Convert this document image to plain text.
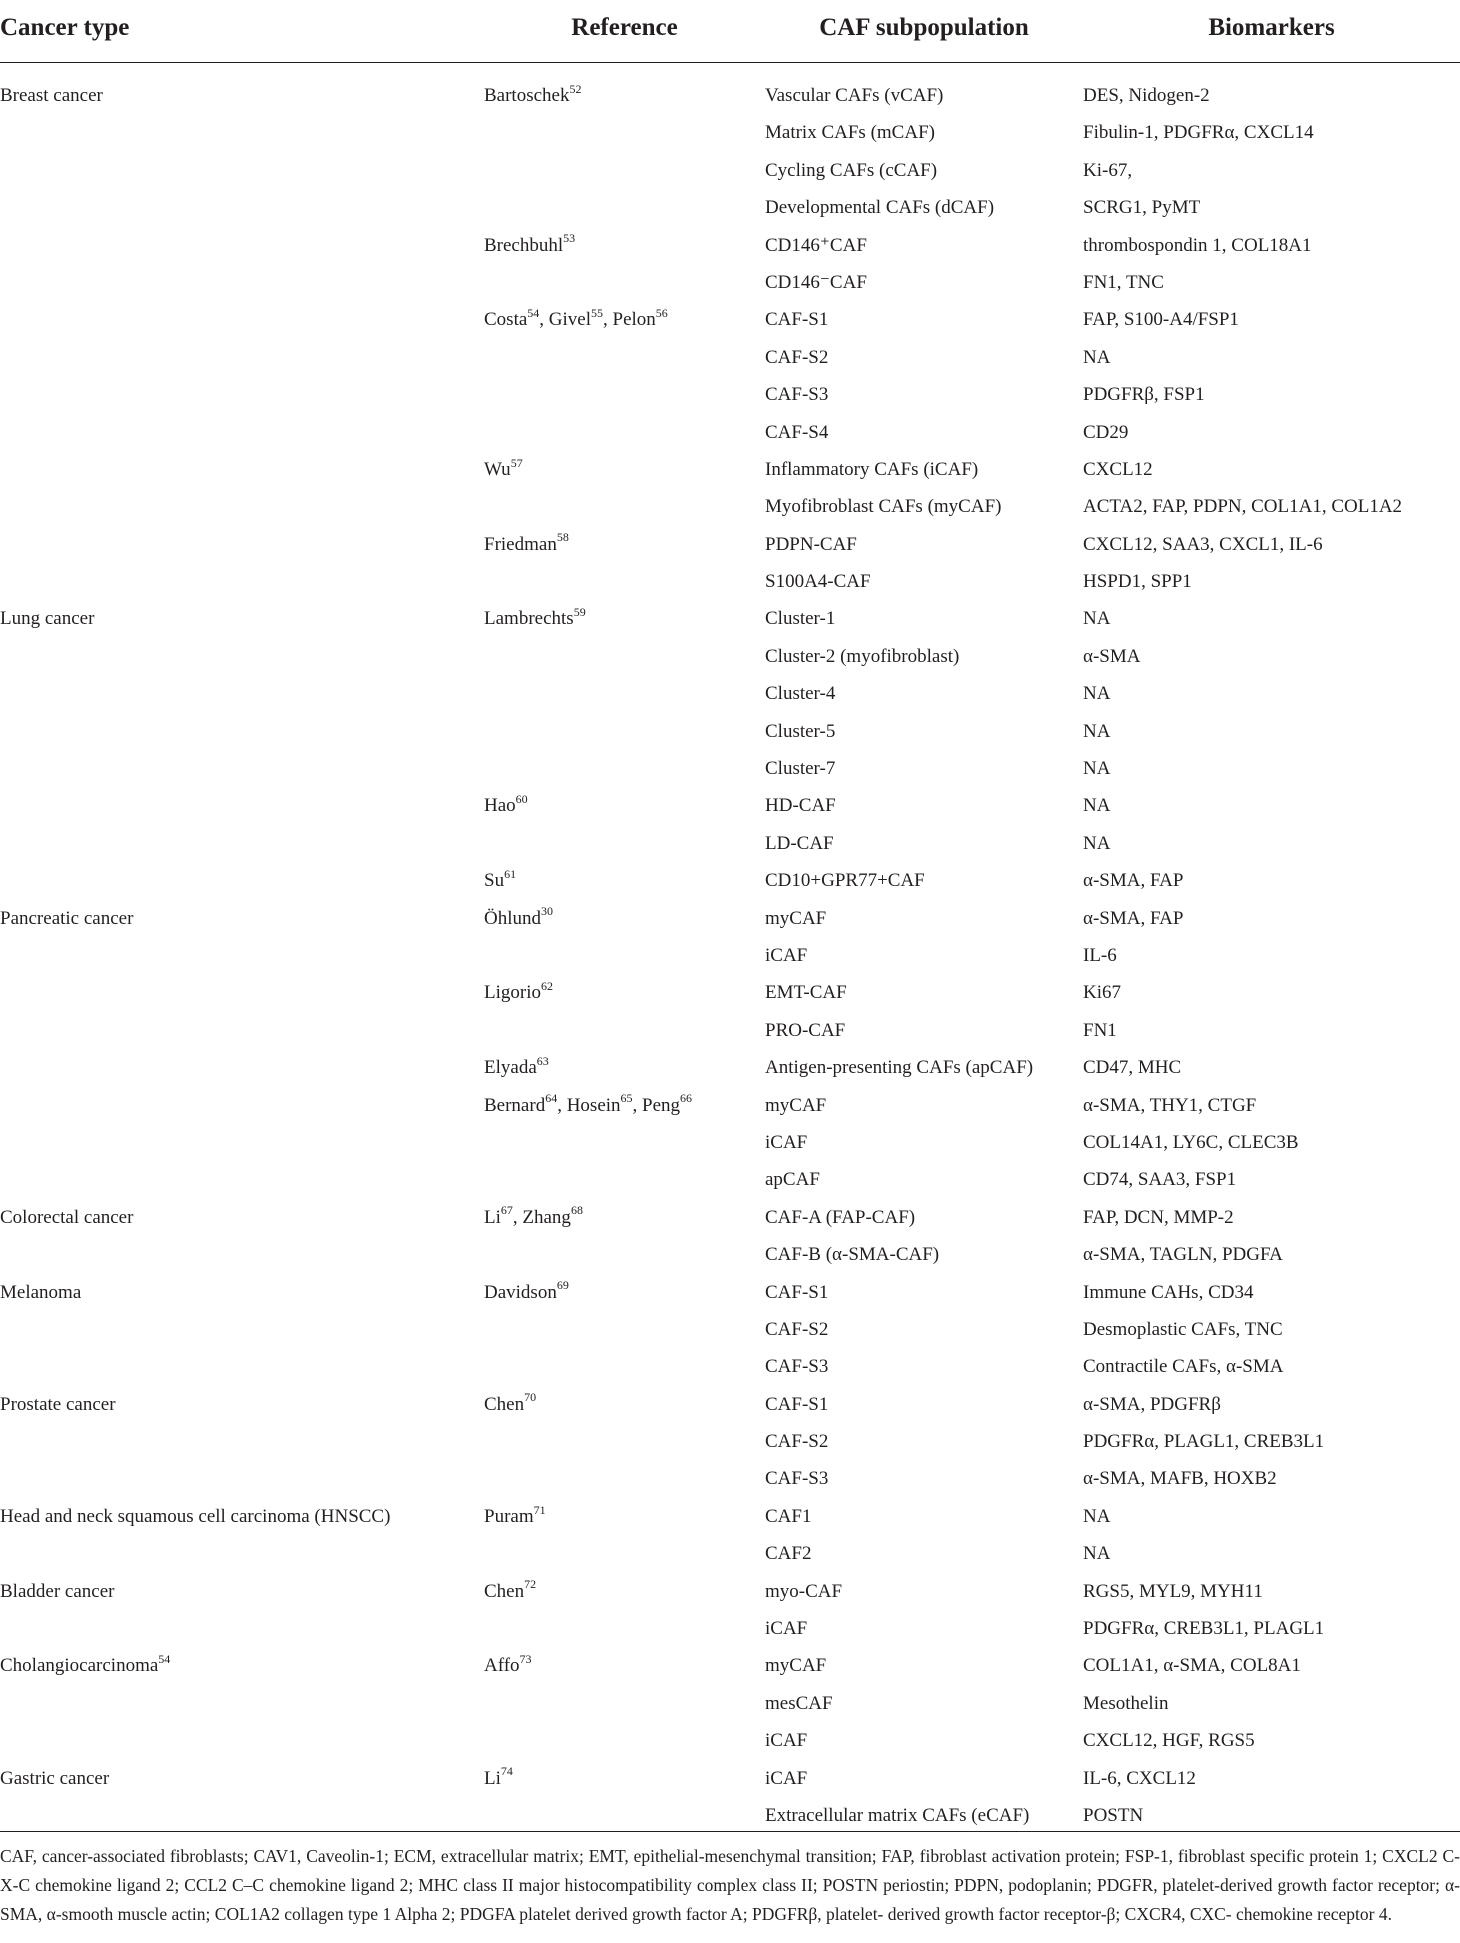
Cancer type	Reference	CAF subpopulation	Biomarkers
Breast cancer	Bartoschek$^{52}$	Vascular CAFs (vCAF)	DES, Nidogen-2
		Matrix CAFs (mCAF)	Fibulin-1, PDGFRα, CXCL14
		Cycling CAFs (cCAF)	Ki-67,
		Developmental CAFs (dCAF)	SCRG1, PyMT
	Brechbuhl$^{53}$	CD146⁺CAF	thrombospondin 1, COL18A1
		CD146⁻CAF	FN1, TNC
	Costa$^{54}$, Givel$^{55}$, Pelon$^{56}$	CAF-S1	FAP, S100-A4/FSP1
		CAF-S2	NA
		CAF-S3	PDGFRβ, FSP1
		CAF-S4	CD29
	Wu$^{57}$	Inflammatory CAFs (iCAF)	CXCL12
		Myofibroblast CAFs (myCAF)	ACTA2, FAP, PDPN, COL1A1, COL1A2
	Friedman$^{58}$	PDPN-CAF	CXCL12, SAA3, CXCL1, IL-6
		S100A4-CAF	HSPD1, SPP1
Lung cancer	Lambrechts$^{59}$	Cluster-1	NA
		Cluster-2 (myofibroblast)	α-SMA
		Cluster-4	NA
		Cluster-5	NA
		Cluster-7	NA
	Hao$^{60}$	HD-CAF	NA
		LD-CAF	NA
	Su$^{61}$	CD10+GPR77+CAF	α-SMA, FAP
Pancreatic cancer	Öhlund$^{30}$	myCAF	α-SMA, FAP
		iCAF	IL-6
	Ligorio$^{62}$	EMT-CAF	Ki67
		PRO-CAF	FN1
	Elyada$^{63}$	Antigen-presenting CAFs (apCAF)	CD47, MHC
	Bernard$^{64}$, Hosein$^{65}$, Peng$^{66}$	myCAF	α-SMA, THY1, CTGF
		iCAF	COL14A1, LY6C, CLEC3B
		apCAF	CD74, SAA3, FSP1
Colorectal cancer	Li$^{67}$, Zhang$^{68}$	CAF-A (FAP-CAF)	FAP, DCN, MMP-2
		CAF-B (α-SMA-CAF)	α-SMA, TAGLN, PDGFA
Melanoma	Davidson$^{69}$	CAF-S1	Immune CAHs, CD34
		CAF-S2	Desmoplastic CAFs, TNC
		CAF-S3	Contractile CAFs, α-SMA
Prostate cancer	Chen$^{70}$	CAF-S1	α-SMA, PDGFRβ
		CAF-S2	PDGFRα, PLAGL1, CREB3L1
		CAF-S3	α-SMA, MAFB, HOXB2
Head and neck squamous cell carcinoma (HNSCC)	Puram$^{71}$	CAF1	NA
		CAF2	NA
Bladder cancer	Chen$^{72}$	myo-CAF	RGS5, MYL9, MYH11
		iCAF	PDGFRα, CREB3L1, PLAGL1
Cholangiocarcinoma$^{54}$	Affo$^{73}$	myCAF	COL1A1, α-SMA, COL8A1
		mesCAF	Mesothelin
		iCAF	CXCL12, HGF, RGS5
Gastric cancer	Li$^{74}$	iCAF	IL-6, CXCL12
		Extracellular matrix CAFs (eCAF)	POSTN
CAF, cancer-associated fibroblasts; CAV1, Caveolin-1; ECM, extracellular matrix; EMT, epithelial-mesenchymal transition; FAP, fibroblast activation protein; FSP-1, fibroblast specific protein 1; CXCL2 C-X-C chemokine ligand 2; CCL2 C–C chemokine ligand 2; MHC class II major histocompatibility complex class II; POSTN periostin; PDPN, podoplanin; PDGFR, platelet-derived growth factor receptor; α-SMA, α-smooth muscle actin; COL1A2 collagen type 1 Alpha 2; PDGFA platelet derived growth factor A; PDGFRβ, platelet- derived growth factor receptor-β; CXCR4, CXC- chemokine receptor 4.
